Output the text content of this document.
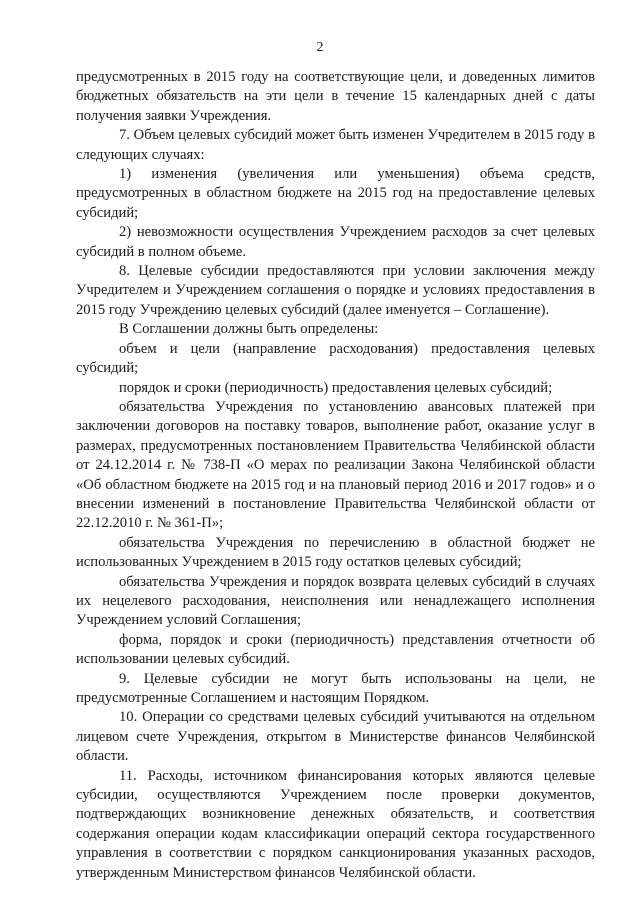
2

предусмотренных в 2015 году на соответствующие цели, и доведенных лимитов бюджетных обязательств на эти цели в течение 15 календарных дней с даты получения заявки Учреждения.

7. Объем целевых субсидий может быть изменен Учредителем в 2015 году в следующих случаях:

1) изменения (увеличения или уменьшения) объема средств, предусмотренных в областном бюджете на 2015 год на предоставление целевых субсидий;

2) невозможности осуществления Учреждением расходов за счет целевых субсидий в полном объеме.

8. Целевые субсидии предоставляются при условии заключения между Учредителем и Учреждением соглашения о порядке и условиях предоставления в 2015 году Учреждению целевых субсидий (далее именуется – Соглашение).

В Соглашении должны быть определены:

объем и цели (направление расходования) предоставления целевых субсидий;

порядок и сроки (периодичность) предоставления целевых субсидий;

обязательства Учреждения по установлению авансовых платежей при заключении договоров на поставку товаров, выполнение работ, оказание услуг в размерах, предусмотренных постановлением Правительства Челябинской области от 24.12.2014 г. № 738-П «О мерах по реализации Закона Челябинской области «Об областном бюджете на 2015 год и на плановый период 2016 и 2017 годов» и о внесении изменений в постановление Правительства Челябинской области от 22.12.2010 г. № 361-П»;

обязательства Учреждения по перечислению в областной бюджет не использованных Учреждением в 2015 году остатков целевых субсидий;

обязательства Учреждения и порядок возврата целевых субсидий в случаях их нецелевого расходования, неисполнения или ненадлежащего исполнения Учреждением условий Соглашения;

форма, порядок и сроки (периодичность) представления отчетности об использовании целевых субсидий.

9. Целевые субсидии не могут быть использованы на цели, не предусмотренные Соглашением и настоящим Порядком.

10. Операции со средствами целевых субсидий учитываются на отдельном лицевом счете Учреждения, открытом в Министерстве финансов Челябинской области.

11. Расходы, источником финансирования которых являются целевые субсидии, осуществляются Учреждением после проверки документов, подтверждающих возникновение денежных обязательств, и соответствия содержания операции кодам классификации операций сектора государственного управления в соответствии с порядком санкционирования указанных расходов, утвержденным Министерством финансов Челябинской области.
